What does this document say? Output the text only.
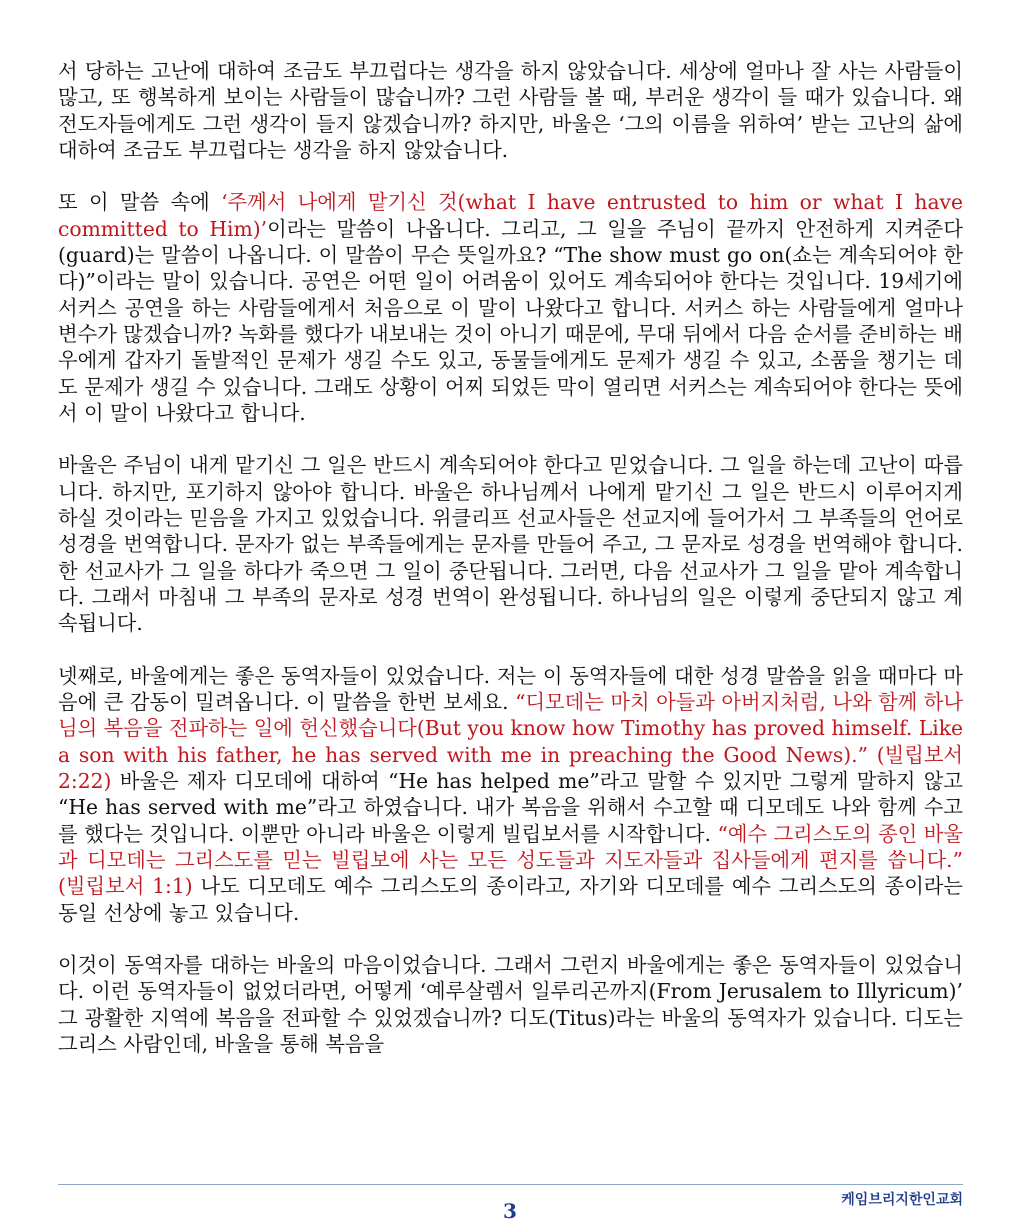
서 당하는 고난에 대하여 조금도 부끄럽다는 생각을 하지 않았습니다. 세상에 얼마나 잘 사는 사람들이 많고, 또 행복하게 보이는 사람들이 많습니까? 그런 사람들 볼 때, 부러운 생각이 들 때가 있습니다. 왜 전도자들에게도 그런 생각이 들지 않겠습니까? 하지만, 바울은 ‘그의 이름을 위하여’ 받는 고난의 삶에 대하여 조금도 부끄럽다는 생각을 하지 않았습니다.

또 이 말씀 속에 ‘주께서 나에게 맡기신 것(what I have entrusted to him or what I have committed to Him)’이라는 말씀이 나옵니다. 그리고, 그 일을 주님이 끝까지 안전하게 지켜준다(guard)는 말씀이 나옵니다. 이 말씀이 무슨 뜻일까요? “The show must go on(쇼는 계속되어야 한다)”이라는 말이 있습니다. 공연은 어떤 일이 어려움이 있어도 계속되어야 한다는 것입니다. 19세기에 서커스 공연을 하는 사람들에게서 처음으로 이 말이 나왔다고 합니다. 서커스 하는 사람들에게 얼마나 변수가 많겠습니까? 녹화를 했다가 내보내는 것이 아니기 때문에, 무대 뒤에서 다음 순서를 준비하는 배우에게 갑자기 돌발적인 문제가 생길 수도 있고, 동물들에게도 문제가 생길 수 있고, 소품을 챙기는 데도 문제가 생길 수 있습니다. 그래도 상황이 어찌 되었든 막이 열리면 서커스는 계속되어야 한다는 뜻에서 이 말이 나왔다고 합니다.

바울은 주님이 내게 맡기신 그 일은 반드시 계속되어야 한다고 믿었습니다. 그 일을 하는데 고난이 따릅니다. 하지만, 포기하지 않아야 합니다. 바울은 하나님께서 나에게 맡기신 그 일은 반드시 이루어지게 하실 것이라는 믿음을 가지고 있었습니다. 위클리프 선교사들은 선교지에 들어가서 그 부족들의 언어로 성경을 번역합니다. 문자가 없는 부족들에게는 문자를 만들어 주고, 그 문자로 성경을 번역해야 합니다. 한 선교사가 그 일을 하다가 죽으면 그 일이 중단됩니다. 그러면, 다음 선교사가 그 일을 맡아 계속합니다. 그래서 마침내 그 부족의 문자로 성경 번역이 완성됩니다. 하나님의 일은 이렇게 중단되지 않고 계속됩니다.

넷째로, 바울에게는 좋은 동역자들이 있었습니다. 저는 이 동역자들에 대한 성경 말씀을 읽을 때마다 마음에 큰 감동이 밀려옵니다. 이 말씀을 한번 보세요. “디모데는 마치 아들과 아버지처럼, 나와 함께 하나님의 복음을 전파하는 일에 헌신했습니다(But you know how Timothy has proved himself. Like a son with his father, he has served with me in preaching the Good News).” (빌립보서 2:22) 바울은 제자 디모데에 대하여 “He has helped me”라고 말할 수 있지만 그렇게 말하지 않고 “He has served with me”라고 하였습니다. 내가 복음을 위해서 수고할 때 디모데도 나와 함께 수고를 했다는 것입니다. 이뿐만 아니라 바울은 이렇게 빌립보서를 시작합니다. “예수 그리스도의 종인 바울과 디모데는 그리스도를 믿는 빌립보에 사는 모든 성도들과 지도자들과 집사들에게 편지를 씁니다.” (빌립보서 1:1) 나도 디모데도 예수 그리스도의 종이라고, 자기와 디모데를 예수 그리스도의 종이라는 동일 선상에 놓고 있습니다.

이것이 동역자를 대하는 바울의 마음이었습니다. 그래서 그런지 바울에게는 좋은 동역자들이 있었습니다. 이런 동역자들이 없었더라면, 어떻게 ‘예루살렘서 일루리곤까지(From Jerusalem to Illyricum)’ 그 광활한 지역에 복음을 전파할 수 있었겠습니까? 디도(Titus)라는 바울의 동역자가 있습니다. 디도는 그리스 사람인데, 바울을 통해 복음을

케임브리지한인교회
3
